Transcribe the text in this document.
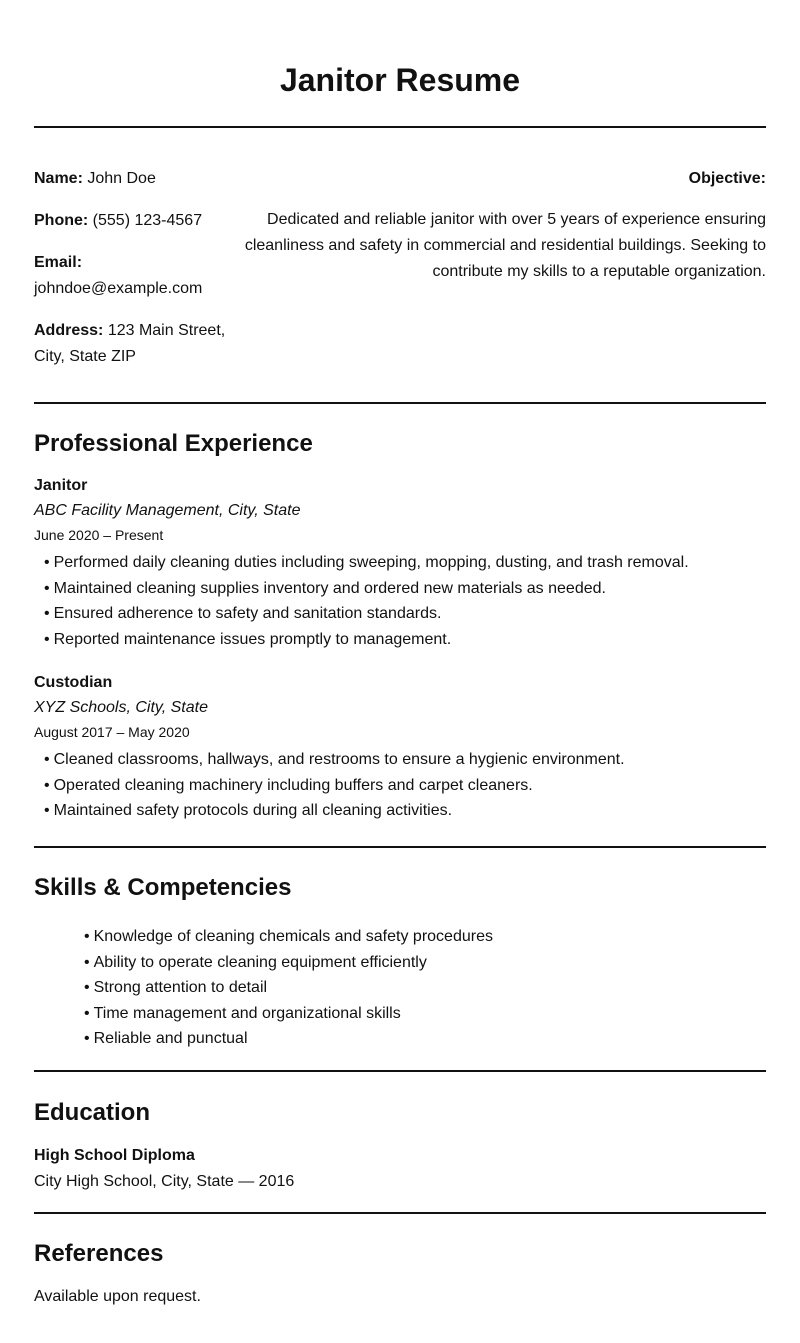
Janitor Resume
Name: John Doe
Phone: (555) 123-4567
Email:
johndoe@example.com
Address: 123 Main Street, City, State ZIP
Objective:
Dedicated and reliable janitor with over 5 years of experience ensuring cleanliness and safety in commercial and residential buildings. Seeking to contribute my skills to a reputable organization.
Professional Experience
Janitor
ABC Facility Management, City, State
June 2020 – Present
• Performed daily cleaning duties including sweeping, mopping, dusting, and trash removal.
• Maintained cleaning supplies inventory and ordered new materials as needed.
• Ensured adherence to safety and sanitation standards.
• Reported maintenance issues promptly to management.
Custodian
XYZ Schools, City, State
August 2017 – May 2020
• Cleaned classrooms, hallways, and restrooms to ensure a hygienic environment.
• Operated cleaning machinery including buffers and carpet cleaners.
• Maintained safety protocols during all cleaning activities.
Skills & Competencies
• Knowledge of cleaning chemicals and safety procedures
• Ability to operate cleaning equipment efficiently
• Strong attention to detail
• Time management and organizational skills
• Reliable and punctual
Education
High School Diploma
City High School, City, State — 2016
References
Available upon request.
